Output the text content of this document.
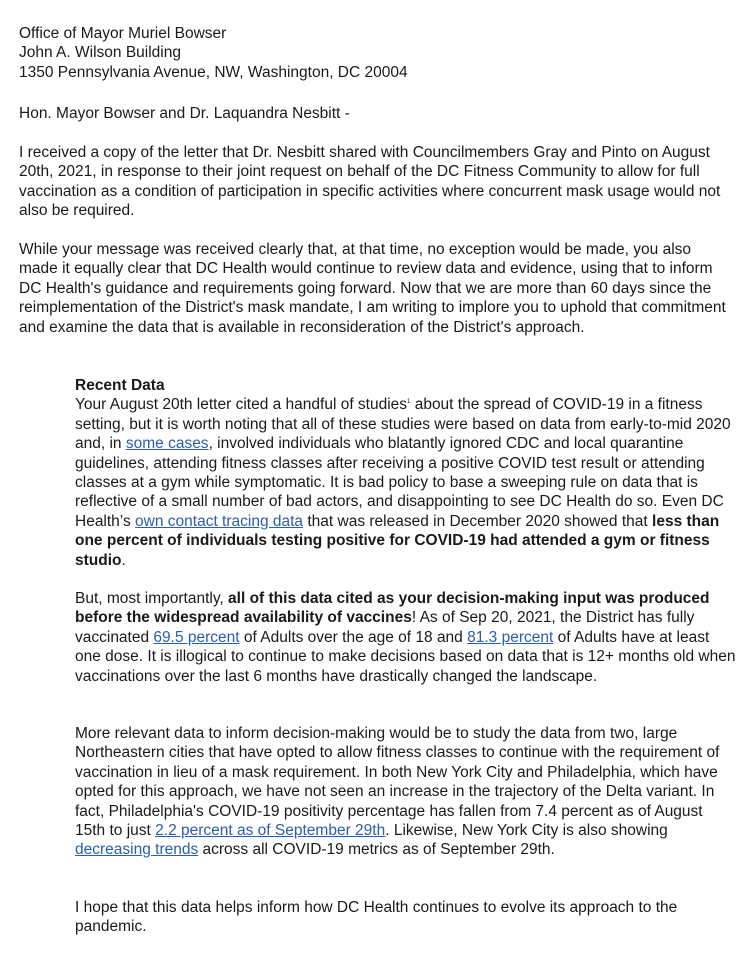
Office of Mayor Muriel Bowser
John A. Wilson Building
1350 Pennsylvania Avenue, NW, Washington, DC 20004

Hon. Mayor Bowser and Dr. Laquandra Nesbitt -

I received a copy of the letter that Dr. Nesbitt shared with Councilmembers Gray and Pinto on August 20th, 2021, in response to their joint request on behalf of the DC Fitness Community to allow for full vaccination as a condition of participation in specific activities where concurrent mask usage would not also be required.

While your message was received clearly that, at that time, no exception would be made, you also made it equally clear that DC Health would continue to review data and evidence, using that to inform DC Health's guidance and requirements going forward. Now that we are more than 60 days since the reimplementation of the District's mask mandate, I am writing to implore you to uphold that commitment and examine the data that is available in reconsideration of the District's approach.

Recent Data

Your August 20th letter cited a handful of studies$^1$ about the spread of COVID-19 in a fitness setting, but it is worth noting that all of these studies were based on data from early-to-mid 2020 and, in some cases, involved individuals who blatantly ignored CDC and local quarantine guidelines, attending fitness classes after receiving a positive COVID test result or attending classes at a gym while symptomatic. It is bad policy to base a sweeping rule on data that is reflective of a small number of bad actors, and disappointing to see DC Health do so. Even DC Health’s own contact tracing data that was released in December 2020 showed that less than one percent of individuals testing positive for COVID-19 had attended a gym or fitness studio.

But, most importantly, all of this data cited as your decision-making input was produced before the widespread availability of vaccines! As of Sep 20, 2021, the District has fully vaccinated 69.5 percent of Adults over the age of 18 and 81.3 percent of Adults have at least one dose. It is illogical to continue to make decisions based on data that is 12+ months old when vaccinations over the last 6 months have drastically changed the landscape.

More relevant data to inform decision-making would be to study the data from two, large Northeastern cities that have opted to allow fitness classes to continue with the requirement of vaccination in lieu of a mask requirement. In both New York City and Philadelphia, which have opted for this approach, we have not seen an increase in the trajectory of the Delta variant. In fact, Philadelphia's COVID-19 positivity percentage has fallen from 7.4 percent as of August 15th to just 2.2 percent as of September 29th. Likewise, New York City is also showing decreasing trends across all COVID-19 metrics as of September 29th.

I hope that this data helps inform how DC Health continues to evolve its approach to the pandemic.
